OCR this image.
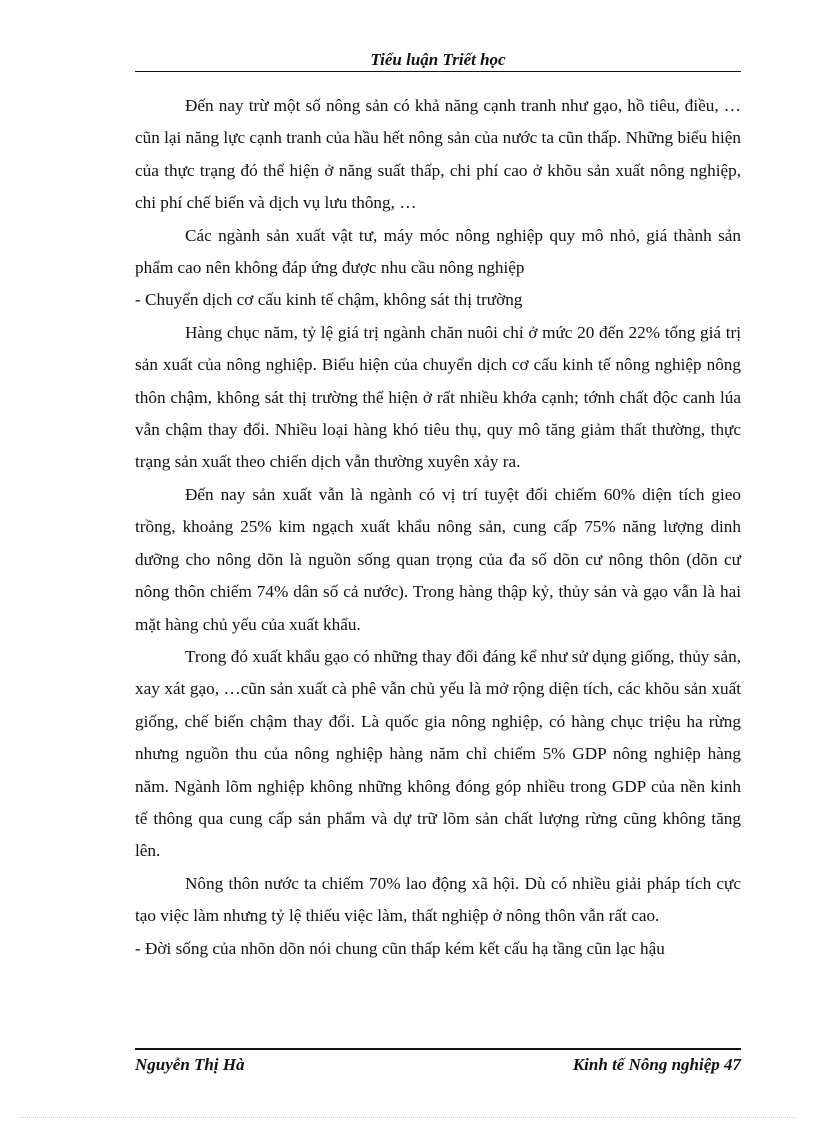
Tiểu luận Triết học

Đến nay trừ một số nông sản có khả năng cạnh tranh như gạo, hồ tiêu, điều, …cũn lại năng lực cạnh tranh của hầu hết nông sản của nước ta cũn thấp. Những biểu hiện của thực trạng đó thể hiện ở năng suất thấp, chi phí cao ở khõu sản xuất nông nghiệp, chi phí chế biến và dịch vụ lưu thông, …

Các ngành sản xuất vật tư, máy móc nông nghiệp quy mô nhỏ, giá thành sản phẩm cao nên không đáp ứng được nhu cầu nông nghiệp

- Chuyển dịch cơ cấu kinh tế chậm, không sát thị trường

Hàng chục năm, tỷ lệ giá trị ngành chăn nuôi chỉ ở mức 20 đến 22% tổng giá trị sản xuất của nông nghiệp. Biểu hiện của chuyển dịch cơ cấu kinh tế nông nghiệp nông thôn chậm, không sát thị trường thể hiện ở rất nhiều khớa cạnh; tớnh chất độc canh lúa vẫn chậm thay đổi. Nhiều loại hàng khó tiêu thụ, quy mô tăng giảm thất thường, thực trạng sản xuất theo chiến dịch vẫn thường xuyên xảy ra.

Đến nay sản xuất vẫn là ngành có vị trí tuyệt đối chiếm 60% diện tích gieo trồng, khoảng 25% kim ngạch xuất khẩu nông sản, cung cấp 75% năng lượng dinh dưỡng cho nông dõn là nguồn sống quan trọng của đa số dõn cư nông thôn (dõn cư nông thôn chiếm 74% dân số cả nước). Trong hàng thập kỷ, thủy sản và gạo vẫn là hai mặt hàng chủ yếu của xuất khẩu.

Trong đó xuất khẩu gạo có những thay đổi đáng kể như sử dụng giống, thủy sản, xay xát gạo, …cũn sản xuất cà phê vẫn chủ yếu là mở rộng diện tích, các khõu sản xuất giống, chế biến chậm thay đổi. Là quốc gia nông nghiệp, có hàng chục triệu ha rừng nhưng nguồn thu của nông nghiệp hàng năm chỉ chiếm 5% GDP nông nghiệp hàng năm. Ngành lõm nghiệp không những không đóng góp nhiều trong GDP của nền kinh tế thông qua cung cấp sản phẩm và dự trữ lõm sản chất lượng rừng cũng không tăng lên.

Nông thôn nước ta chiếm 70% lao động xã hội. Dù có nhiều giải pháp tích cực tạo việc làm nhưng tỷ lệ thiếu việc làm, thất nghiệp ở nông thôn vẫn rất cao.

- Đời sống của nhõn dõn nói chung cũn thấp kém kết cấu hạ tầng cũn lạc hậu

Nguyễn Thị Hà	Kinh tế Nông nghiệp 47
